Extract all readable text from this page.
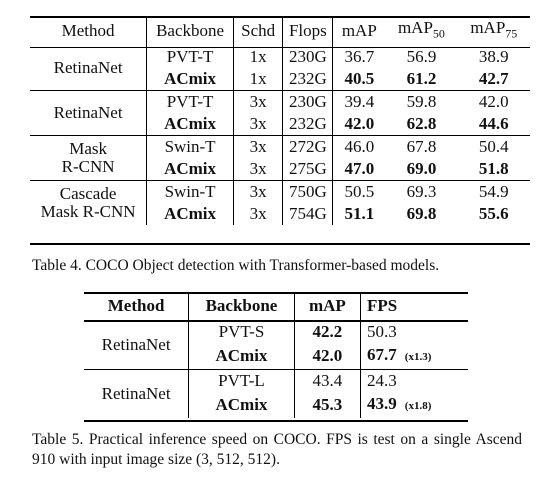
Method	Backbone	Schd	Flops	mAP	mAP$_{50}$	mAP$_{75}$

RetinaNet	PVT-T	1x	230G	36.7	56.9	38.9
	ACmix	1x	232G	40.5	61.2	42.7

RetinaNet	PVT-T	3x	230G	39.4	59.8	42.0
	ACmix	3x	232G	42.0	62.8	44.6

Mask
R-CNN	Swin-T	3x	272G	46.0	67.8	50.4
	ACmix	3x	275G	47.0	69.0	51.8

Cascade
Mask R-CNN	Swin-T	3x	750G	50.5	69.3	54.9
	ACmix	3x	754G	51.1	69.8	55.6
Table 4. COCO Object detection with Transformer-based models.
Method	Backbone	mAP	FPS
RetinaNet	PVT-S	42.2	50.3
	ACmix	42.0	67.7 (x1.3)
RetinaNet	PVT-L	43.4	24.3
	ACmix	45.3	43.9 (x1.8)
Table 5. Practical inference speed on COCO. FPS is test on a single Ascend 910 with input image size (3, 512, 512).
